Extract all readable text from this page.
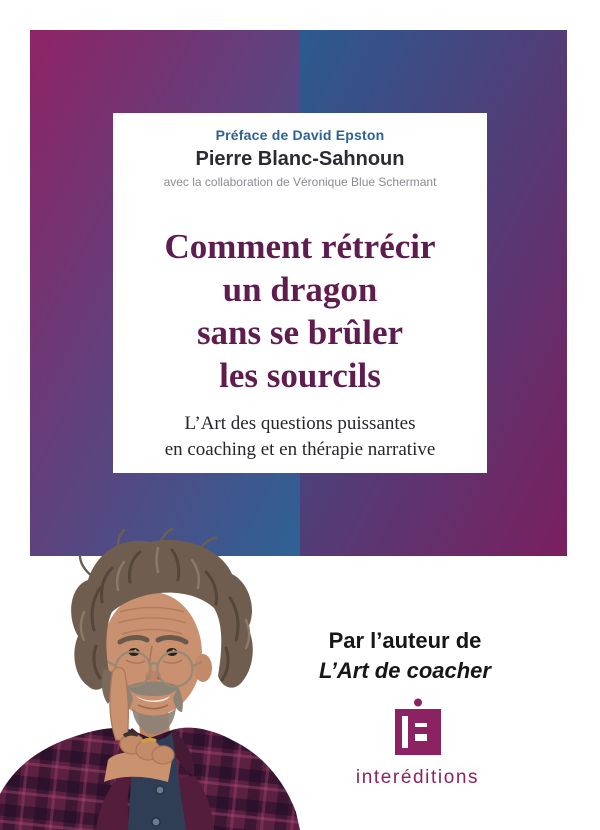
Préface de David Epston
Pierre Blanc-Sahnoun
avec la collaboration de Véronique Blue Schermant
Comment rétrécir
un dragon
sans se brûler
les sourcils
L’Art des questions puissantes
en coaching et en thérapie narrative
Par l’auteur de
L’Art de coacher
interéditions
